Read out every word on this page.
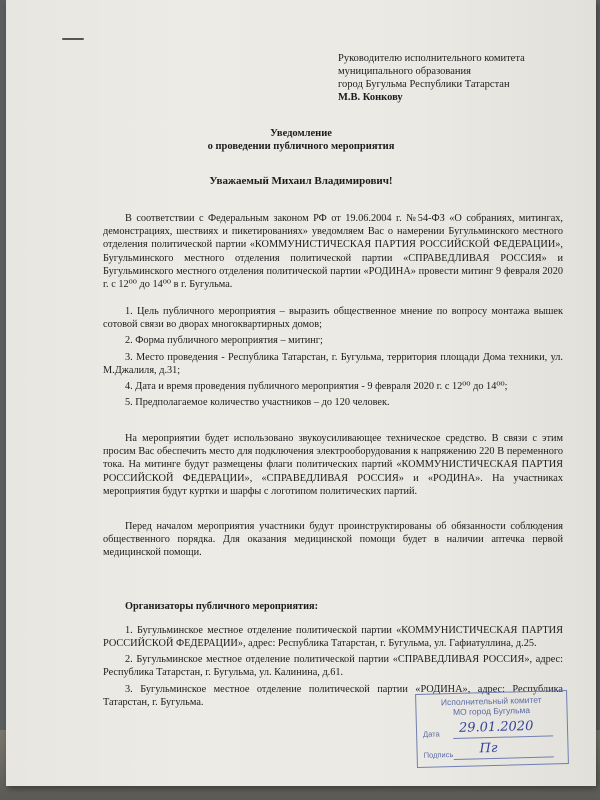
Руководителю исполнительного комитета
муниципального образования
город Бугульма Республики Татарстан
М.В. Конкову
Уведомление
о проведении публичного мероприятия
Уважаемый Михаил Владимирович!

В соответствии с Федеральным законом РФ от 19.06.2004 г. №54-ФЗ «О собраниях, митингах, демонстрациях, шествиях и пикетированиях» уведомляем Вас о намерении Бугульминского местного отделения политической партии «КОММУНИСТИЧЕСКАЯ ПАРТИЯ РОССИЙСКОЙ ФЕДЕРАЦИИ», Бугульминского местного отделения политической партии «СПРАВЕДЛИВАЯ РОССИЯ» и Бугульминского местного отделения политической партии «РОДИНА» провести митинг 9 февраля 2020 г. с 12⁰⁰ до 14⁰⁰ в г. Бугульма.

1. Цель публичного мероприятия – выразить общественное мнение по вопросу монтажа вышек сотовой связи во дворах многоквартирных домов;

2. Форма публичного мероприятия – митинг;

3. Место проведения - Республика Татарстан, г. Бугульма, территория площади Дома техники, ул. М.Джалиля, д.31;

4. Дата и время проведения публичного мероприятия - 9 февраля 2020 г. с 12⁰⁰ до 14⁰⁰;

5. Предполагаемое количество участников – до 120 человек.

На мероприятии будет использовано звукоусиливающее техническое средство. В связи с этим просим Вас обеспечить место для подключения электрооборудования к напряжению 220 В переменного тока. На митинге будут размещены флаги политических партий «КОММУНИСТИЧЕСКАЯ ПАРТИЯ РОССИЙСКОЙ ФЕДЕРАЦИИ», «СПРАВЕДЛИВАЯ РОССИЯ» и «РОДИНА». На участниках мероприятия будут куртки и шарфы с логотипом политических партий.

Перед началом мероприятия участники будут проинструктированы об обязанности соблюдения общественного порядка. Для оказания медицинской помощи будет в наличии аптечка первой медицинской помощи.

Организаторы публичного мероприятия:

1. Бугульминское местное отделение политической партии «КОММУНИСТИЧЕСКАЯ ПАРТИЯ РОССИЙСКОЙ ФЕДЕРАЦИИ», адрес: Республика Татарстан, г. Бугульма, ул. Гафиатуллина, д.25.

2. Бугульминское местное отделение политической партии «СПРАВЕДЛИВАЯ РОССИЯ», адрес: Республика Татарстан, г. Бугульма, ул. Калинина, д.61.

3. Бугульминское местное отделение политической партии «РОДИНА», адрес: Республика Татарстан, г. Бугульма.	Исполнительный комитет
МО город Бугульма
Дата 29.01.2020
Подпись Пг
